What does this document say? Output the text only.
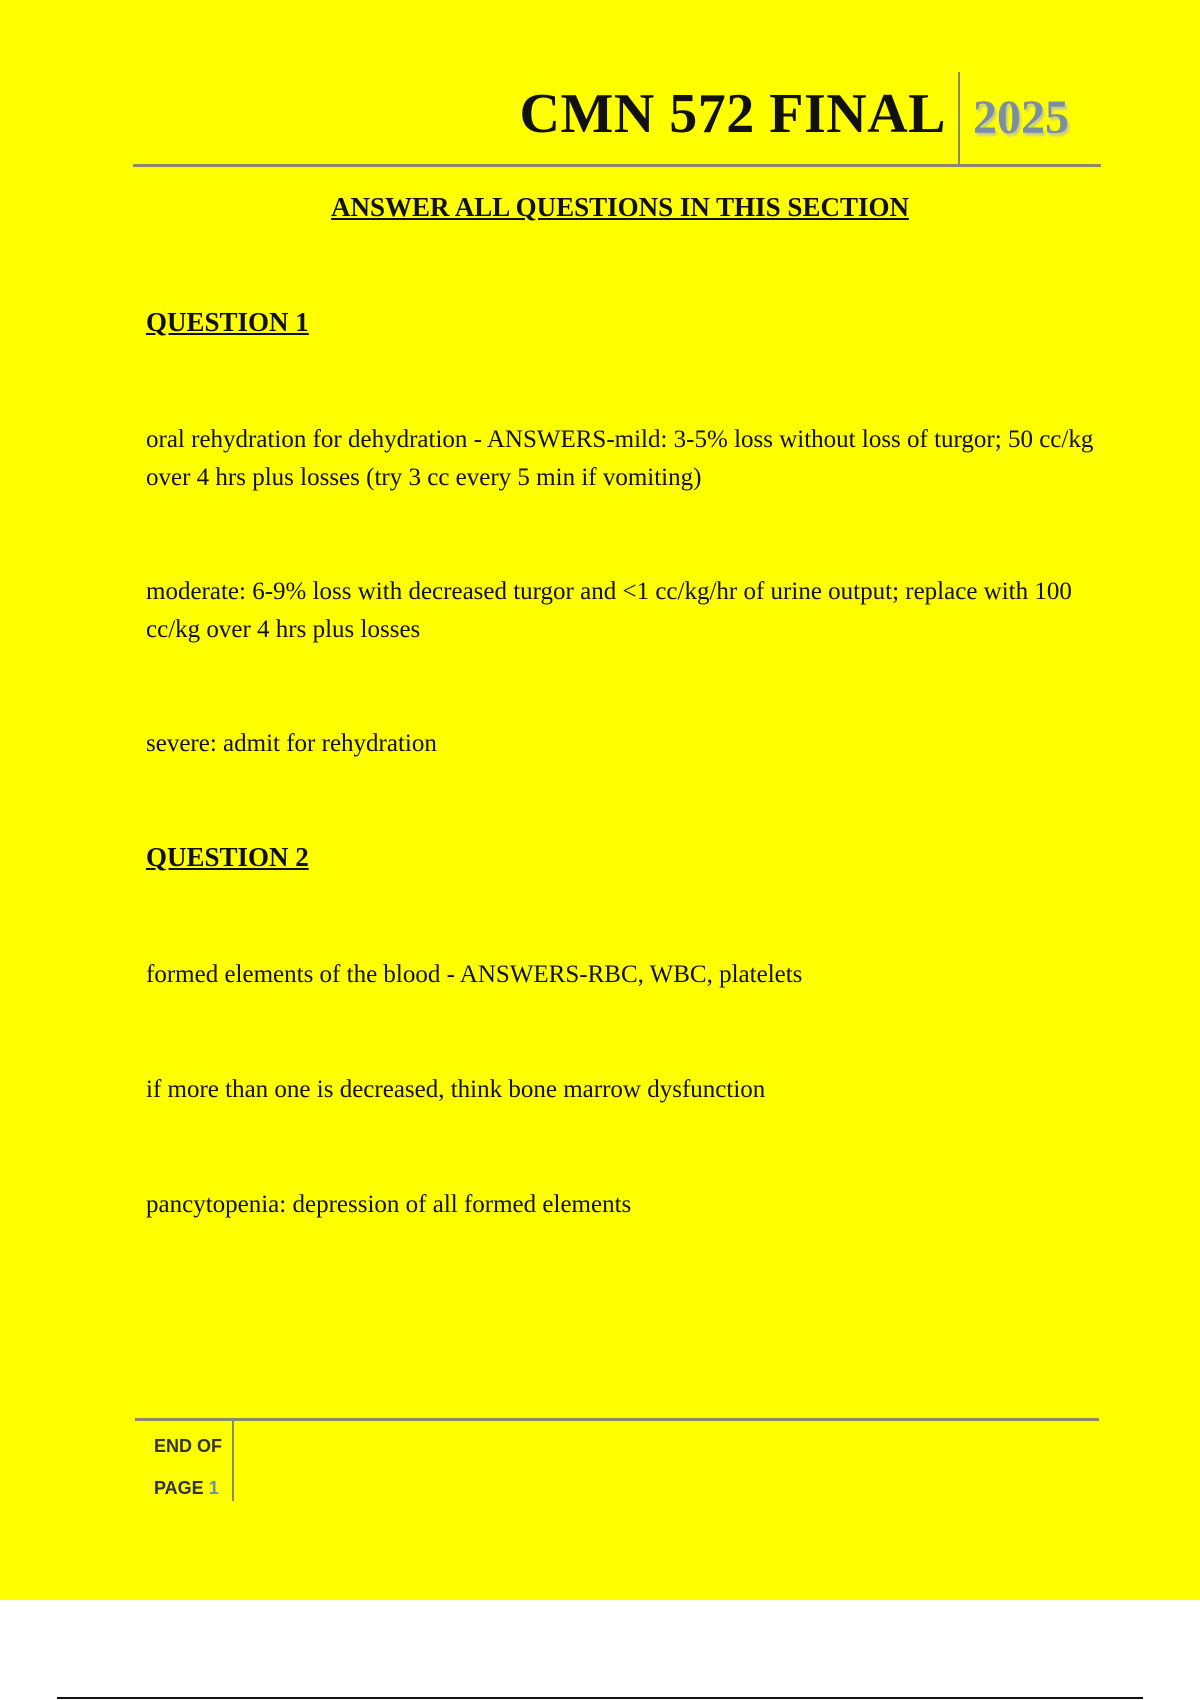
CMN 572 FINAL 2025
ANSWER ALL QUESTIONS IN THIS SECTION
QUESTION 1
oral rehydration for dehydration - ANSWERS-mild: 3-5% loss without loss of turgor; 50 cc/kg over 4 hrs plus losses (try 3 cc every 5 min if vomiting)
moderate: 6-9% loss with decreased turgor and <1 cc/kg/hr of urine output; replace with 100 cc/kg over 4 hrs plus losses
severe: admit for rehydration
QUESTION 2
formed elements of the blood - ANSWERS-RBC, WBC, platelets
if more than one is decreased, think bone marrow dysfunction
pancytopenia: depression of all formed elements
END OF
PAGE 1
